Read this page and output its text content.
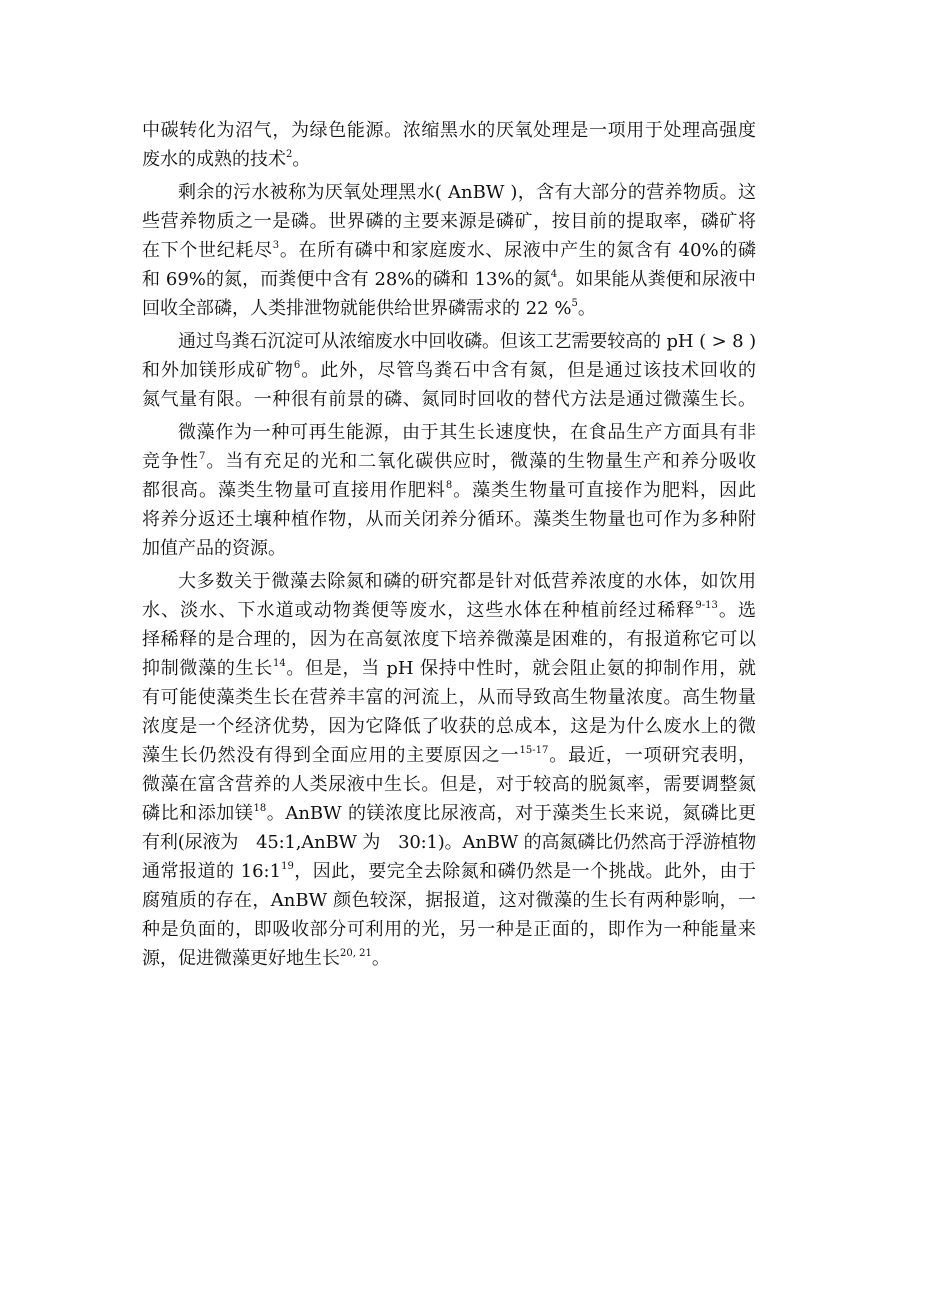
中碳转化为沼气，为绿色能源。浓缩黑水的厌氧处理是一项用于处理高强度
废水的成熟的技术$^2$。
剩余的污水被称为厌氧处理黑水( AnBW )，含有大部分的营养物质。这
些营养物质之一是磷。世界磷的主要来源是磷矿，按目前的提取率，磷矿将
在下个世纪耗尽$^3$。在所有磷中和家庭废水、尿液中产生的氮含有 40%的磷
和 69%的氮，而粪便中含有 28%的磷和 13%的氮$^4$。如果能从粪便和尿液中
回收全部磷，人类排泄物就能供给世界磷需求的 22 %$^5$。
通过鸟粪石沉淀可从浓缩废水中回收磷。但该工艺需要较高的 pH ( > 8 )
和外加镁形成矿物$^6$。此外，尽管鸟粪石中含有氮，但是通过该技术回收的
氮气量有限。一种很有前景的磷、氮同时回收的替代方法是通过微藻生长。
微藻作为一种可再生能源，由于其生长速度快，在食品生产方面具有非
竞争性$^7$。当有充足的光和二氧化碳供应时，微藻的生物量生产和养分吸收
都很高。藻类生物量可直接用作肥料$^8$。藻类生物量可直接作为肥料，因此
将养分返还土壤种植作物，从而关闭养分循环。藻类生物量也可作为多种附
加值产品的资源。
大多数关于微藻去除氮和磷的研究都是针对低营养浓度的水体，如饮用
水、淡水、下水道或动物粪便等废水，这些水体在种植前经过稀释$^{9-13}$。选
择稀释的是合理的，因为在高氨浓度下培养微藻是困难的，有报道称它可以
抑制微藻的生长$^{14}$。但是，当 pH 保持中性时，就会阻止氨的抑制作用，就
有可能使藻类生长在营养丰富的河流上，从而导致高生物量浓度。高生物量
浓度是一个经济优势，因为它降低了收获的总成本，这是为什么废水上的微
藻生长仍然没有得到全面应用的主要原因之一$^{15-17}$。最近，一项研究表明，
微藻在富含营养的人类尿液中生长。但是，对于较高的脱氮率，需要调整氮
磷比和添加镁$^{18}$。AnBW 的镁浓度比尿液高，对于藻类生长来说，氮磷比更
有利(尿液为　45:1,AnBW 为　30:1)。AnBW 的高氮磷比仍然高于浮游植物
通常报道的 $16:1^{19}$，因此，要完全去除氮和磷仍然是一个挑战。此外，由于
腐殖质的存在，AnBW 颜色较深，据报道，这对微藻的生长有两种影响，一
种是负面的，即吸收部分可利用的光，另一种是正面的，即作为一种能量来
源，促进微藻更好地生长$^{20, 21}$。
